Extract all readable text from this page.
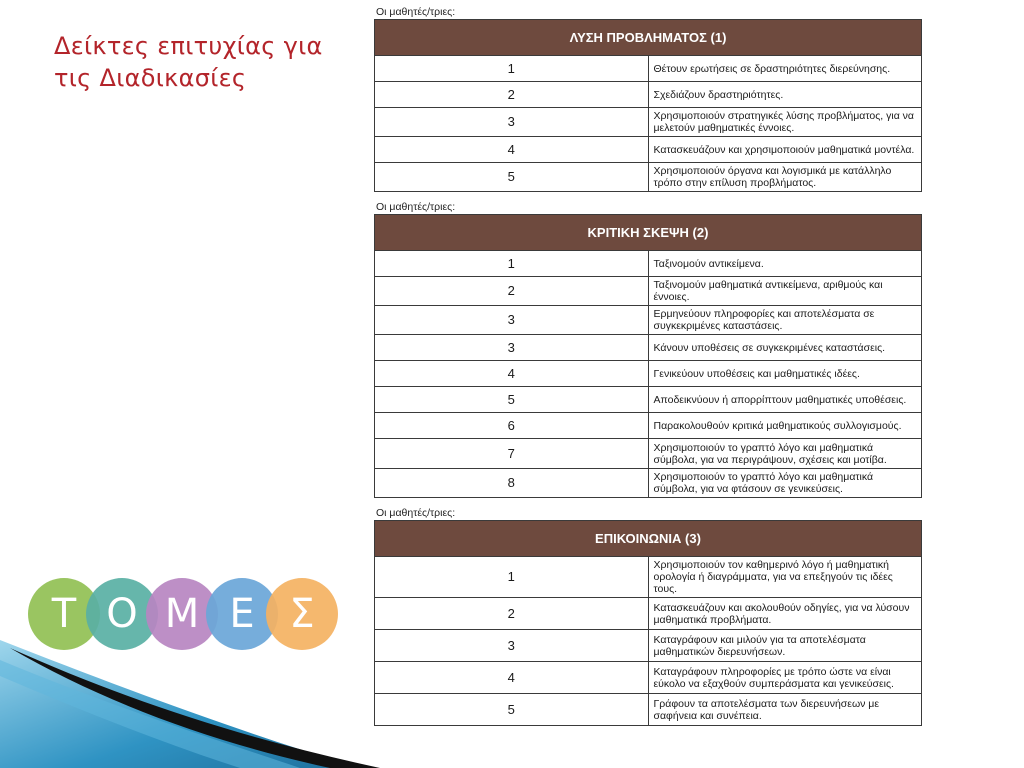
Δείκτες επιτυχίας για τις Διαδικασίες
Τ Ο Μ Ε Σ
Οι μαθητές/τριες:
ΛΥΣΗ ΠΡΟΒΛΗΜΑΤΟΣ (1)	
1	Θέτουν ερωτήσεις σε δραστηριότητες διερεύνησης.
2	Σχεδιάζουν δραστηριότητες.
3	Χρησιμοποιούν στρατηγικές λύσης προβλήματος, για να μελετούν μαθηματικές έννοιες.
4	Κατασκευάζουν και χρησιμοποιούν μαθηματικά μοντέλα.
5	Χρησιμοποιούν όργανα και λογισμικά με κατάλληλο τρόπο στην επίλυση προβλήματος.
Οι μαθητές/τριες:
ΚΡΙΤΙΚΗ ΣΚΕΨΗ (2)	
1	Ταξινομούν αντικείμενα.
2	Ταξινομούν μαθηματικά αντικείμενα, αριθμούς και έννοιες.
3	Ερμηνεύουν πληροφορίες και αποτελέσματα σε συγκεκριμένες καταστάσεις.
3	Κάνουν υποθέσεις σε συγκεκριμένες καταστάσεις.
4	Γενικεύουν υποθέσεις και μαθηματικές ιδέες.
5	Αποδεικνύουν ή απορρίπτουν μαθηματικές υποθέσεις.
6	Παρακολουθούν κριτικά μαθηματικούς συλλογισμούς.
7	Χρησιμοποιούν το γραπτό λόγο και μαθηματικά σύμβολα, για να περιγράψουν, σχέσεις και μοτίβα.
8	Χρησιμοποιούν το γραπτό λόγο και μαθηματικά σύμβολα, για να φτάσουν σε γενικεύσεις.
Οι μαθητές/τριες:
ΕΠΙΚΟΙΝΩΝΙΑ (3)	
1	Χρησιμοποιούν τον καθημερινό λόγο ή μαθηματική ορολογία ή διαγράμματα, για να επεξηγούν τις ιδέες τους.
2	Κατασκευάζουν και ακολουθούν οδηγίες, για να λύσουν μαθηματικά προβλήματα.
3	Καταγράφουν και μιλούν για τα αποτελέσματα μαθηματικών διερευνήσεων.
4	Καταγράφουν πληροφορίες με τρόπο ώστε να είναι εύκολο να εξαχθούν συμπεράσματα και γενικεύσεις.
5	Γράφουν τα αποτελέσματα των διερευνήσεων με σαφήνεια και συνέπεια.
